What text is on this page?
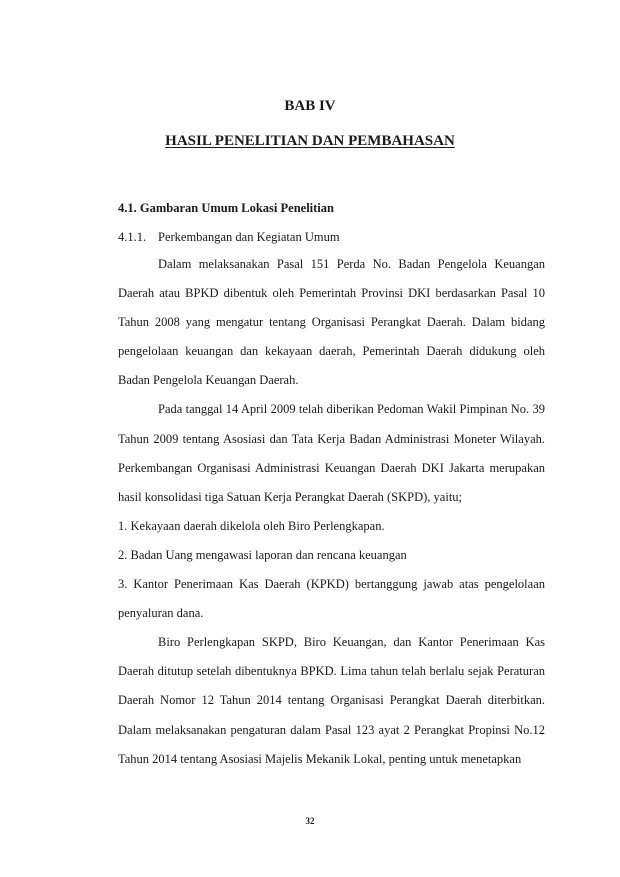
BAB IV
HASIL PENELITIAN DAN PEMBAHASAN
4.1. Gambaran Umum Lokasi Penelitian
4.1.1. Perkembangan dan Kegiatan Umum

Dalam melaksanakan Pasal 151 Perda No. Badan Pengelola Keuangan Daerah atau BPKD dibentuk oleh Pemerintah Provinsi DKI berdasarkan Pasal 10 Tahun 2008 yang mengatur tentang Organisasi Perangkat Daerah. Dalam bidang pengelolaan keuangan dan kekayaan daerah, Pemerintah Daerah didukung oleh Badan Pengelola Keuangan Daerah.

Pada tanggal 14 April 2009 telah diberikan Pedoman Wakil Pimpinan No. 39 Tahun 2009 tentang Asosiasi dan Tata Kerja Badan Administrasi Moneter Wilayah. Perkembangan Organisasi Administrasi Keuangan Daerah DKI Jakarta merupakan hasil konsolidasi tiga Satuan Kerja Perangkat Daerah (SKPD), yaitu;

1. Kekayaan daerah dikelola oleh Biro Perlengkapan.

2. Badan Uang mengawasi laporan dan rencana keuangan

3. Kantor Penerimaan Kas Daerah (KPKD) bertanggung jawab atas pengelolaan penyaluran dana.

Biro Perlengkapan SKPD, Biro Keuangan, dan Kantor Penerimaan Kas Daerah ditutup setelah dibentuknya BPKD. Lima tahun telah berlalu sejak Peraturan Daerah Nomor 12 Tahun 2014 tentang Organisasi Perangkat Daerah diterbitkan. Dalam melaksanakan pengaturan dalam Pasal 123 ayat 2 Perangkat Propinsi No.12 Tahun 2014 tentang Asosiasi Majelis Mekanik Lokal, penting untuk menetapkan

32
